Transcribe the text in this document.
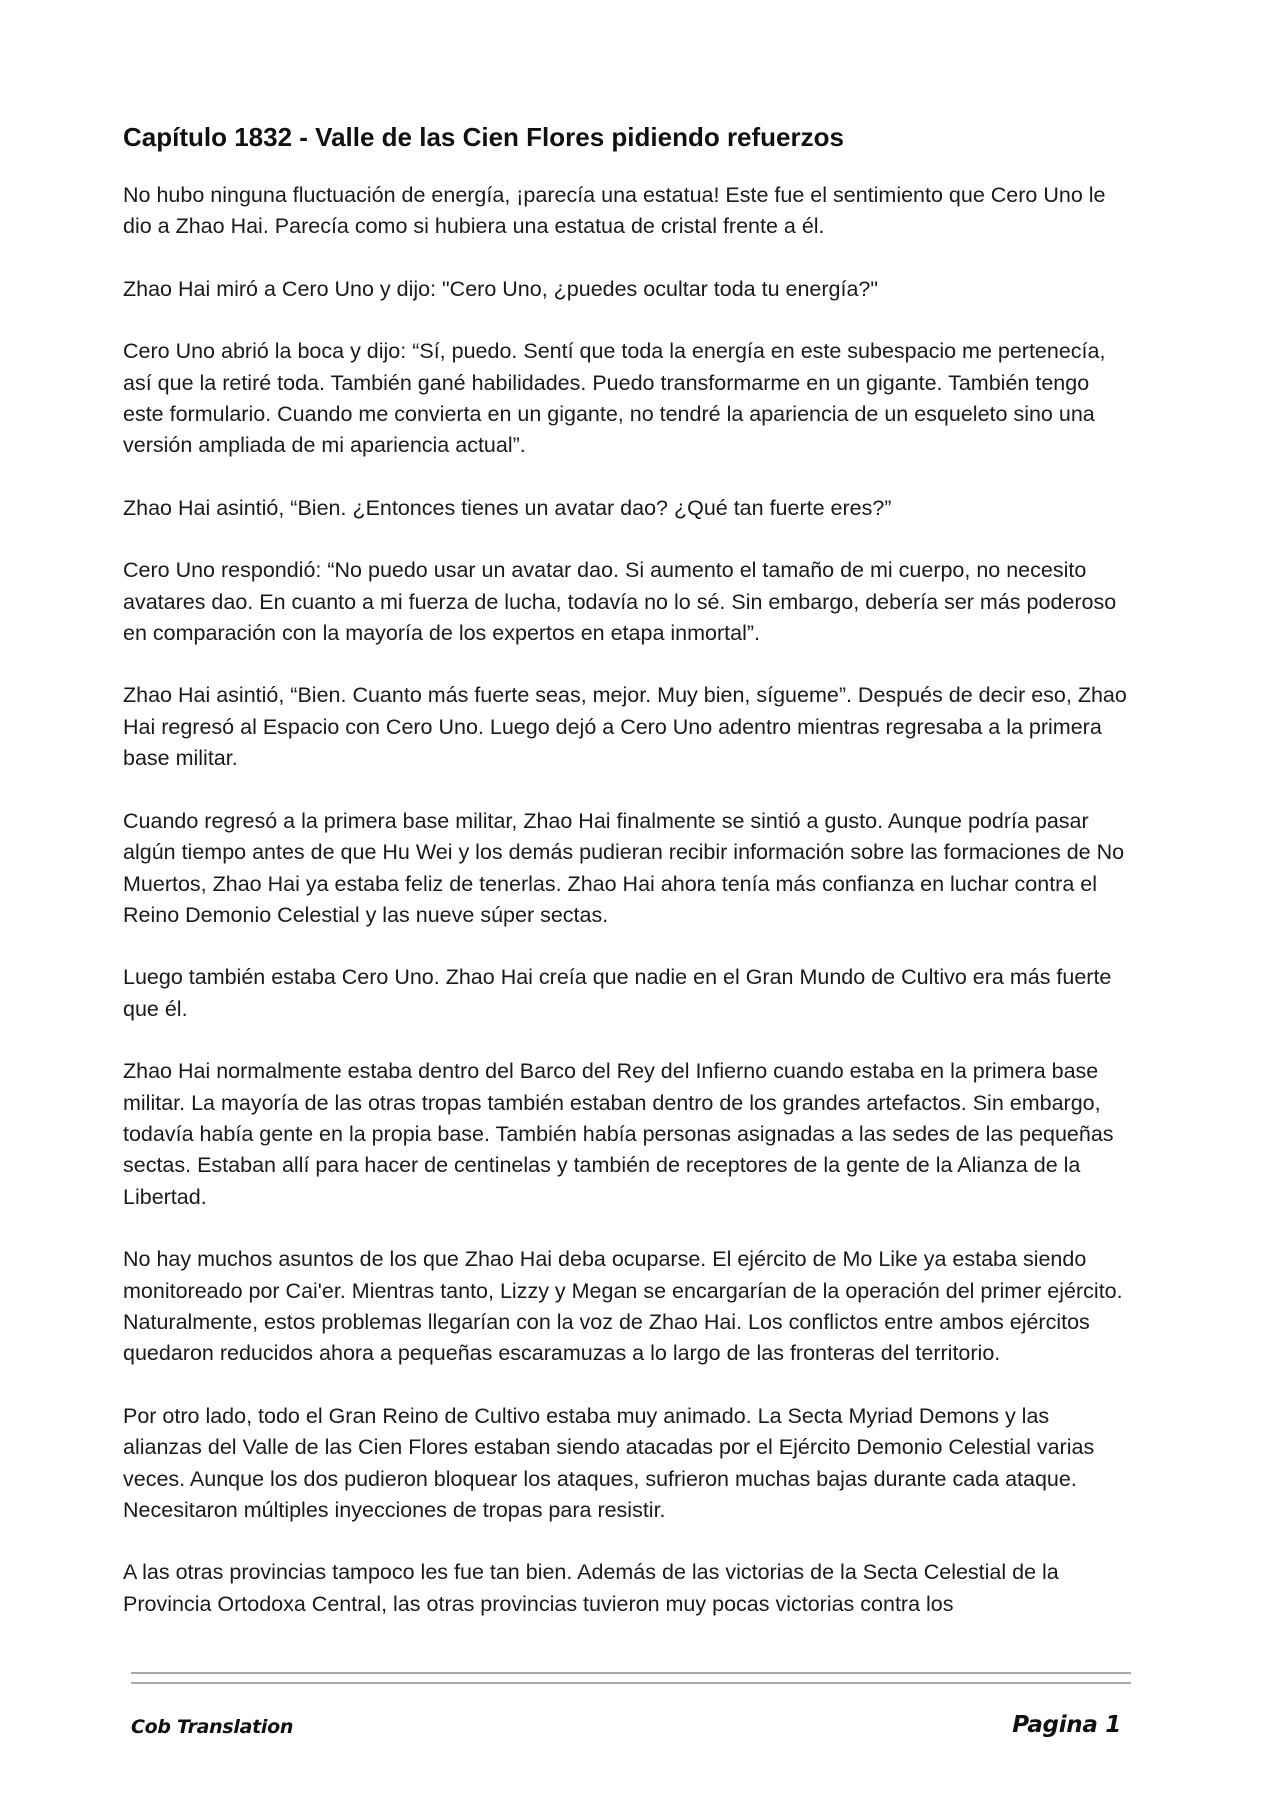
Capítulo 1832 - Valle de las Cien Flores pidiendo refuerzos

No hubo ninguna fluctuación de energía, ¡parecía una estatua! Este fue el sentimiento que Cero Uno le dio a Zhao Hai. Parecía como si hubiera una estatua de cristal frente a él.

Zhao Hai miró a Cero Uno y dijo: "Cero Uno, ¿puedes ocultar toda tu energía?"

Cero Uno abrió la boca y dijo: “Sí, puedo. Sentí que toda la energía en este subespacio me pertenecía, así que la retiré toda. También gané habilidades. Puedo transformarme en un gigante. También tengo este formulario. Cuando me convierta en un gigante, no tendré la apariencia de un esqueleto sino una versión ampliada de mi apariencia actual”.

Zhao Hai asintió, “Bien. ¿Entonces tienes un avatar dao? ¿Qué tan fuerte eres?”

Cero Uno respondió: “No puedo usar un avatar dao. Si aumento el tamaño de mi cuerpo, no necesito avatares dao. En cuanto a mi fuerza de lucha, todavía no lo sé. Sin embargo, debería ser más poderoso en comparación con la mayoría de los expertos en etapa inmortal”.

Zhao Hai asintió, “Bien. Cuanto más fuerte seas, mejor. Muy bien, sígueme”. Después de decir eso, Zhao Hai regresó al Espacio con Cero Uno. Luego dejó a Cero Uno adentro mientras regresaba a la primera base militar.

Cuando regresó a la primera base militar, Zhao Hai finalmente se sintió a gusto. Aunque podría pasar algún tiempo antes de que Hu Wei y los demás pudieran recibir información sobre las formaciones de No Muertos, Zhao Hai ya estaba feliz de tenerlas. Zhao Hai ahora tenía más confianza en luchar contra el Reino Demonio Celestial y las nueve súper sectas.

Luego también estaba Cero Uno. Zhao Hai creía que nadie en el Gran Mundo de Cultivo era más fuerte que él.

Zhao Hai normalmente estaba dentro del Barco del Rey del Infierno cuando estaba en la primera base militar. La mayoría de las otras tropas también estaban dentro de los grandes artefactos. Sin embargo, todavía había gente en la propia base. También había personas asignadas a las sedes de las pequeñas sectas. Estaban allí para hacer de centinelas y también de receptores de la gente de la Alianza de la Libertad.

No hay muchos asuntos de los que Zhao Hai deba ocuparse. El ejército de Mo Like ya estaba siendo monitoreado por Cai'er. Mientras tanto, Lizzy y Megan se encargarían de la operación del primer ejército. Naturalmente, estos problemas llegarían con la voz de Zhao Hai. Los conflictos entre ambos ejércitos quedaron reducidos ahora a pequeñas escaramuzas a lo largo de las fronteras del territorio.

Por otro lado, todo el Gran Reino de Cultivo estaba muy animado. La Secta Myriad Demons y las alianzas del Valle de las Cien Flores estaban siendo atacadas por el Ejército Demonio Celestial varias veces. Aunque los dos pudieron bloquear los ataques, sufrieron muchas bajas durante cada ataque. Necesitaron múltiples inyecciones de tropas para resistir.

A las otras provincias tampoco les fue tan bien. Además de las victorias de la Secta Celestial de la Provincia Ortodoxa Central, las otras provincias tuvieron muy pocas victorias contra los

Cob Translation	Pagina 1
